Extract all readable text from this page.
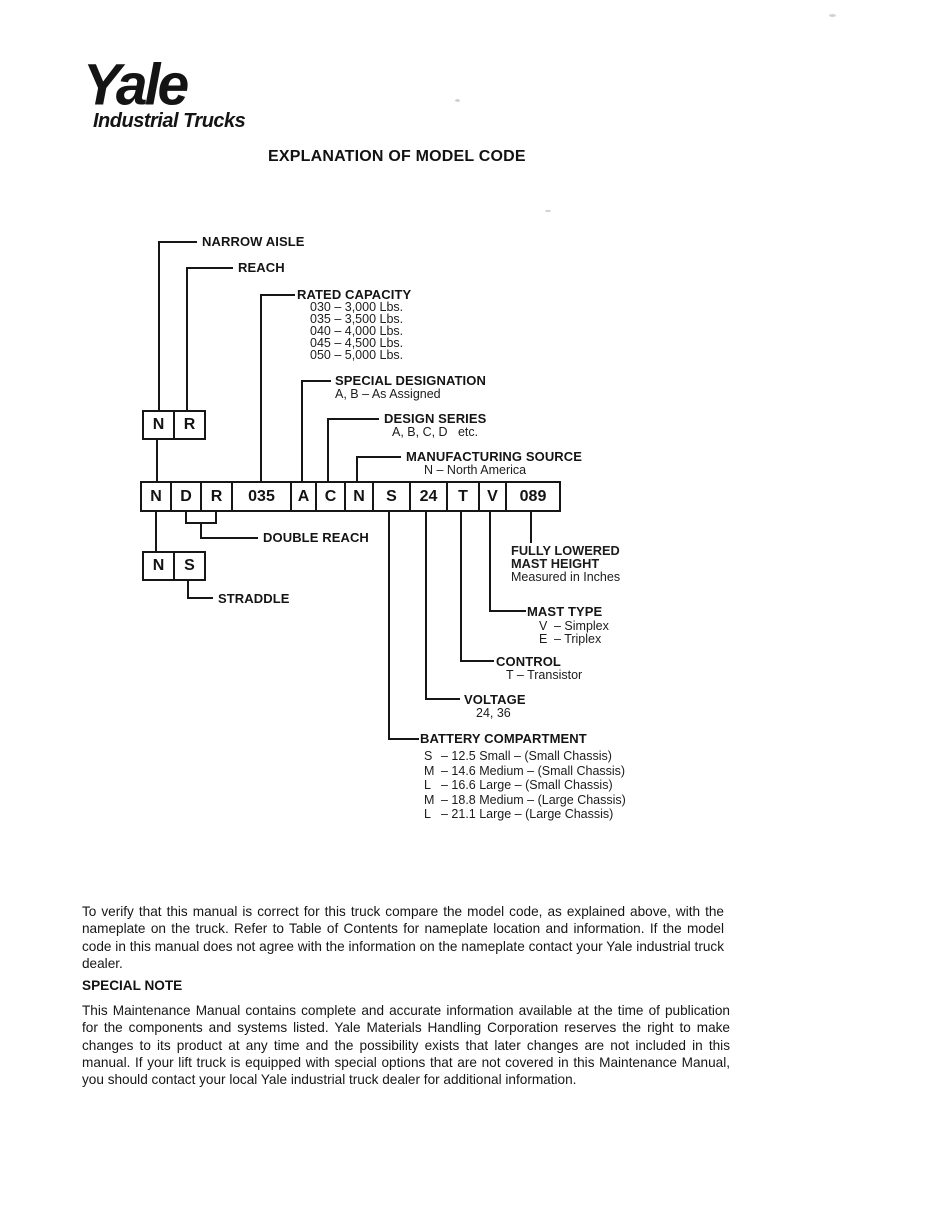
Yale
Industrial Trucks
EXPLANATION OF MODEL CODE
N	R
N	D	R	035	A C	N	S	24	T	V	089
N	S
NARROW AISLE
REACH
RATED CAPACITY
030 – 3,000 Lbs.
035 – 3,500 Lbs.
040 – 4,000 Lbs.
045 – 4,500 Lbs.
050 – 5,000 Lbs.
SPECIAL DESIGNATION
A, B – As Assigned
DESIGN SERIES
A, B, C, D   etc.
MANUFACTURING SOURCE
N – North America
DOUBLE REACH
STRADDLE
FULLY LOWERED
MAST HEIGHT
Measured in Inches
MAST TYPE
V – Simplex
E – Triplex
CONTROL
T – Transistor
VOLTAGE
24, 36
BATTERY COMPARTMENT
S – 12.5 Small – (Small Chassis)
M – 14.6 Medium – (Small Chassis)
L – 16.6 Large – (Small Chassis)
M – 18.8 Medium – (Large Chassis)
L – 21.1 Large – (Large Chassis)
To verify that this manual is correct for this truck compare the model code, as explained above, with the nameplate on the truck. Refer to Table of Contents for nameplate location and information. If the model code in this manual does not agree with the information on the nameplate contact your Yale industrial truck dealer.
SPECIAL NOTE
This Maintenance Manual contains complete and accurate information available at the time of publication for the components and systems listed. Yale Materials Handling Corporation reserves the right to make changes to its product at any time and the possibility exists that later changes are not included in this manual. If your lift truck is equipped with special options that are not covered in this Maintenance Manual, you should contact your local Yale industrial truck dealer for additional information.
